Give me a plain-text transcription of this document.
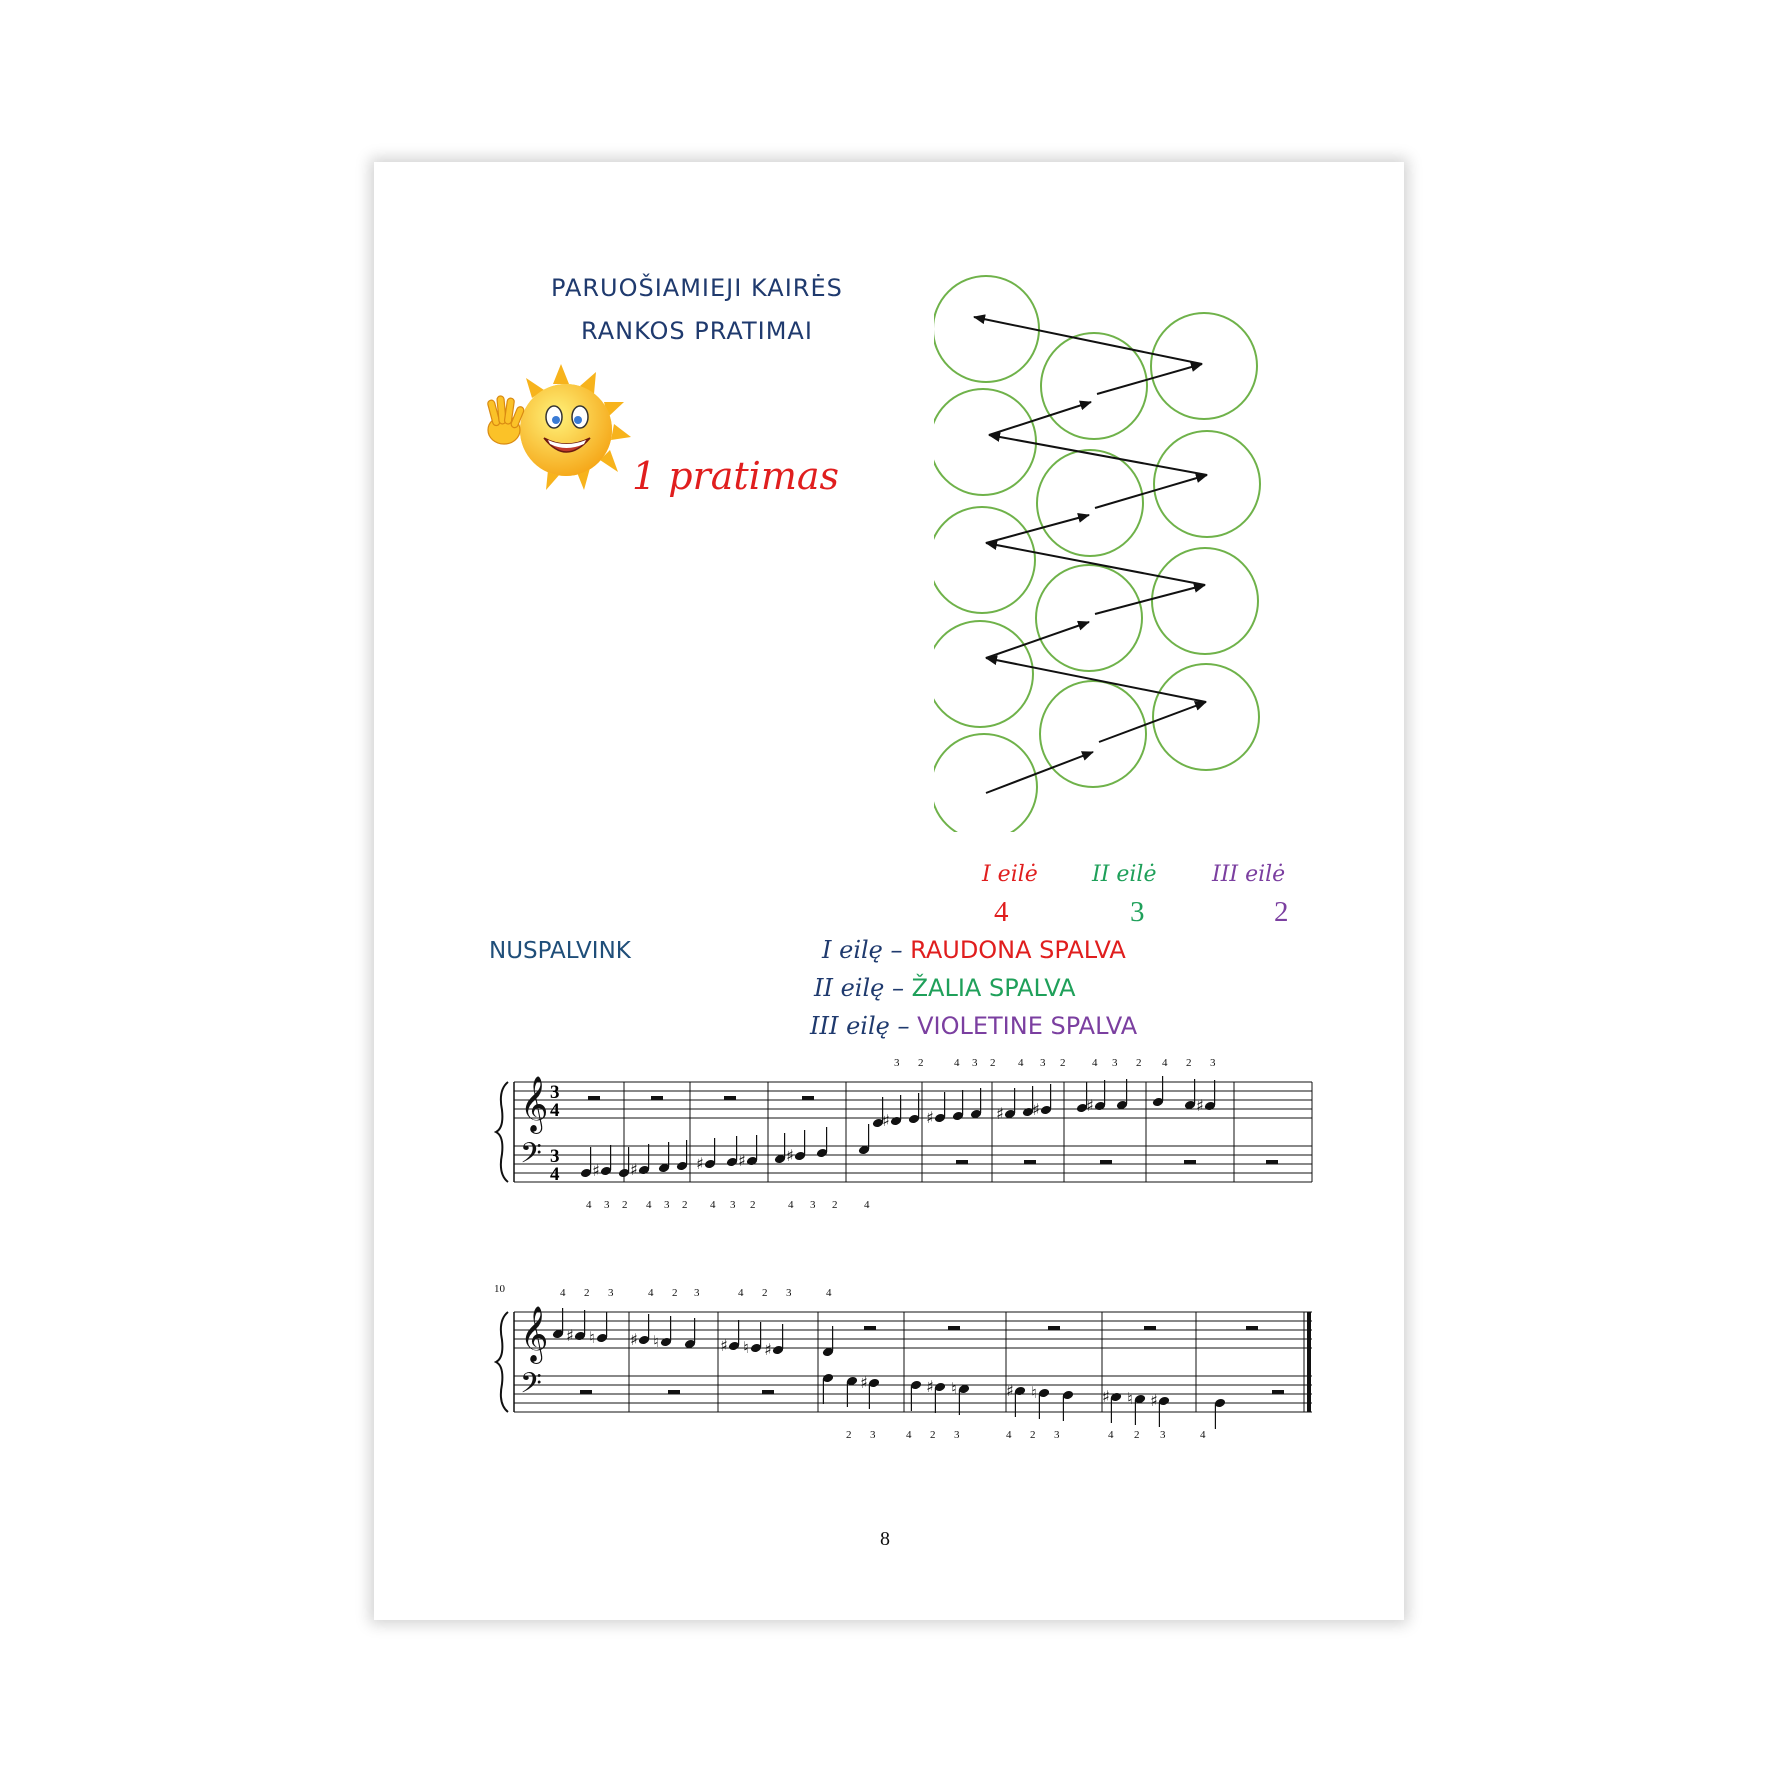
PARUOŠIAMIEJI KAIRĖS
RANKOS PRATIMAI
1 pratimas
I eilė II eilė	III eilė
4	3	2
NUSPALVINK	I eilę – RAUDONA SPALVA
II eilę – ŽALIA SPALVA
III eilę – VIOLETINE SPALVA
3 2	4 3 2 4 3 2 4 3 2 4 2 3
𝄞
𝄢
3
4
3
4 ♯ ♯	♯ ♯	♯
♯ ♯	♯ ♯	♯	♯
4 3 2 4 3 2 4 3 2	4 3 2 4
10
𝄞
𝄢
♯ ♮ ♯ ♮	♯ ♮ ♯
♯	♯ ♮	♯ ♮	♯ ♮ ♯
4 2 3	4 2 3	4 2 3	4
2 3	4 2 3	4 2 3	4 2 3	4
8
